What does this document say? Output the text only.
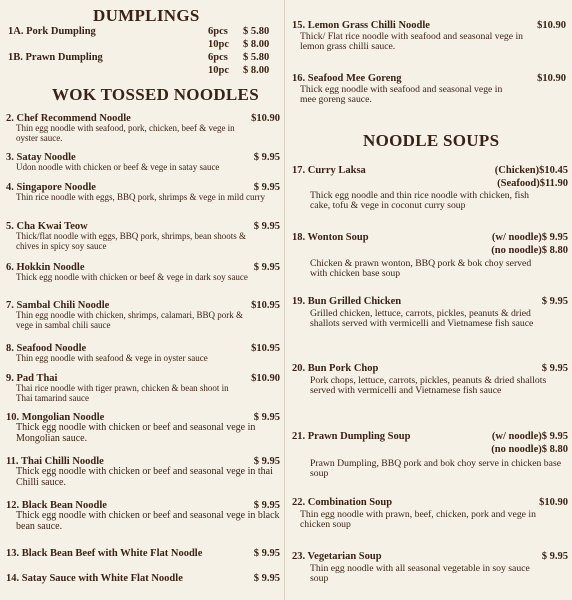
DUMPLINGS
1A. Pork Dumpling	6pcs $ 5.80
10pc $ 8.00
1B. Prawn Dumpling	6pcs $ 5.80
10pc $ 8.00
WOK TOSSED NOODLES
2. Chef Recommend Noodle	$10.90
Thin egg noodle with seafood, pork, chicken, beef & vege in oyster sauce.
3. Satay Noodle	$ 9.95
Udon noodle with chicken or beef & vege in satay sauce
4. Singapore Noodle	$ 9.95
Thin rice noodle with eggs, BBQ pork, shrimps & vege in mild curry
5. Cha Kwai Teow	$ 9.95
Thick/flat noodle with eggs, BBQ pork, shrimps, bean shoots & chives in spicy soy sauce
6. Hokkin Noodle	$ 9.95
Thick egg noodle with chicken or beef & vege in dark soy sauce
7. Sambal Chili Noodle	$10.95
Thin egg noodle with chicken, shrimps, calamari, BBQ pork & vege in sambal chili sauce
8. Seafood Noodle	$10.95
Thin egg noodle with seafood & vege in oyster sauce
9. Pad Thai	$10.90
Thai rice noodle with tiger prawn, chicken & bean shoot in Thai tamarind sauce
10. Mongolian Noodle	$ 9.95
Thick egg noodle with chicken or beef and seasonal vege in Mongolian sauce.
11. Thai Chilli Noodle	$ 9.95
Thick egg noodle with chicken or beef and seasonal vege in thai Chilli sauce.
12. Black Bean Noodle	$ 9.95
Thick egg noodle with chicken or beef and seasonal vege in black bean sauce.
13. Black Bean Beef with White Flat Noodle	$ 9.95
14. Satay Sauce with White Flat Noodle	$ 9.95
15. Lemon Grass Chilli Noodle	$10.90
Thick/ Flat rice noodle with seafood and seasonal vege in lemon grass chilli sauce.
16. Seafood Mee Goreng	$10.90
Thick egg noodle with seafood and seasonal vege in mee goreng sauce.
NOODLE SOUPS
17. Curry Laksa	(Chicken)$10.45
(Seafood)$11.90
Thick egg noodle and thin rice noodle with chicken, fish cake, tofu & vege in coconut curry soup
18. Wonton Soup	(w/ noodle)$ 9.95
(no noodle)$ 8.80
Chicken & prawn wonton, BBQ pork & bok choy served with chicken base soup
19. Bun Grilled Chicken	$ 9.95
Grilled chicken, lettuce, carrots, pickles, peanuts & dried shallots served with vermicelli and Vietnamese fish sauce
20. Bun Pork Chop	$ 9.95
Pork chops, lettuce, carrots, pickles, peanuts & dried shallots served with vermicelli and Vietnamese fish sauce
21. Prawn Dumpling Soup	(w/ noodle)$ 9.95
(no noodle)$ 8.80
Prawn Dumpling, BBQ pork and bok choy serve in chicken base soup
22. Combination Soup	$10.90
Thin egg noodle with prawn, beef, chicken, pork and vege in chicken soup
23. Vegetarian Soup	$ 9.95
Thin egg noodle with all seasonal vegetable in soy sauce soup
